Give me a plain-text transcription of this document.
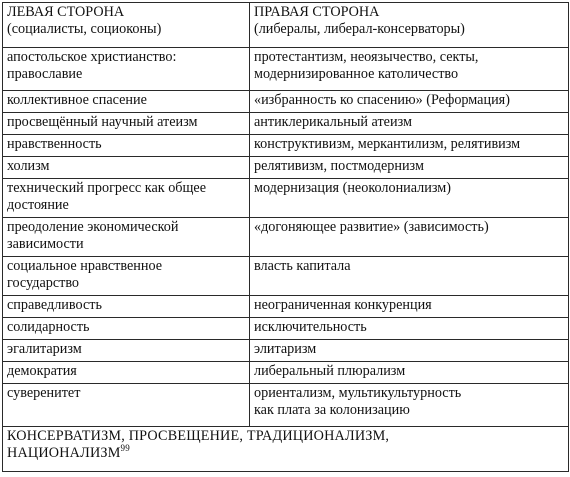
ЛЕВАЯ СТОРОНА
(социалисты, социоконы)	ПРАВАЯ СТОРОНА
(либералы, либерал-консерваторы)

апостольское христианство:
православие	протестантизм, неоязычество, секты,
модернизированное католичество

коллективное спасение	«избранность ко спасению» (Реформация)

просвещённый научный атеизм	антиклерикальный атеизм

нравственность	конструктивизм, меркантилизм, релятивизм

холизм	релятивизм, постмодернизм

технический прогресс как общее
достояние	модернизация (неоколониализм)

преодоление экономической
зависимости	«догоняющее развитие» (зависимость)

социальное нравственное
государство	власть капитала

справедливость	неограниченная конкуренция

солидарность	исключительность

эгалитаризм	элитаризм

демократия	либеральный плюрализм

суверенитет	ориентализм, мультикультурность
как плата за колонизацию

КОНСЕРВАТИЗМ, ПРОСВЕЩЕНИЕ, ТРАДИЦИОНАЛИЗМ,
НАЦИОНАЛИЗМ$^{99}$
